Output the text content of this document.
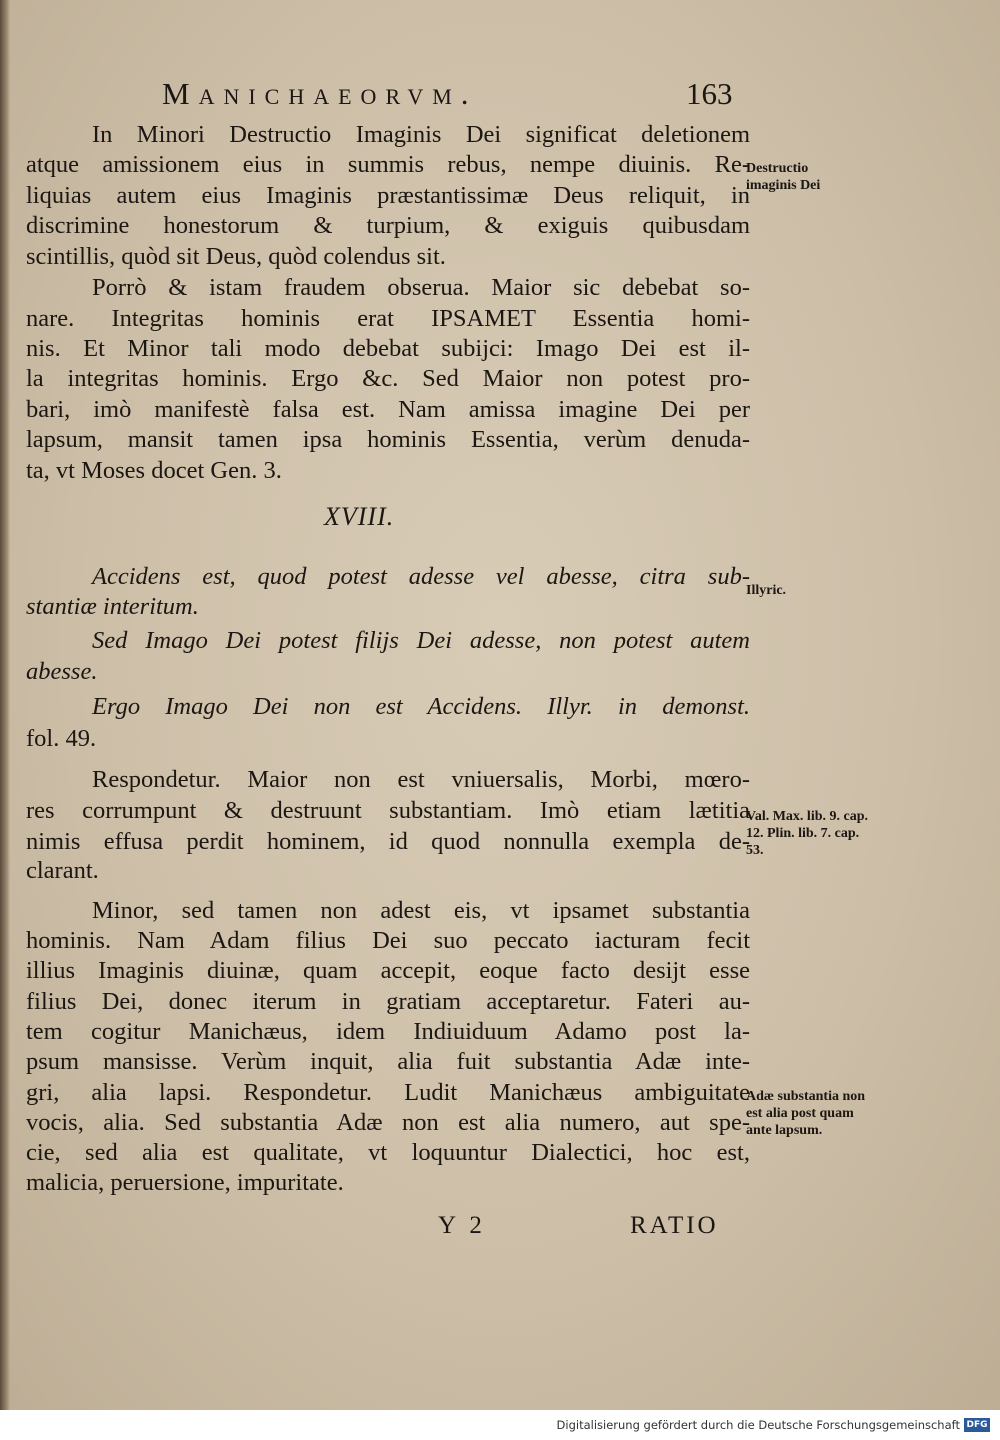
Manichaeorvm.	163
In Minori Destructio Imaginis Dei significat deletionem
atque amissionem eius in summis rebus, nempe diuinis. Re-
liquias autem eius Imaginis præstantissimæ Deus reliquit, in
discrimine honestorum & turpium, & exiguis quibusdam
scintillis, quòd sit Deus, quòd colendus sit.
Porrò & istam fraudem obserua. Maior sic debebat so-
nare. Integritas hominis erat IPSAMET Essentia homi-
nis. Et Minor tali modo debebat subijci: Imago Dei est il-
la integritas hominis. Ergo &c. Sed Maior non potest pro-
bari, imò manifestè falsa est. Nam amissa imagine Dei per
lapsum, mansit tamen ipsa hominis Essentia, verùm denuda-
ta, vt Moses docet Gen. 3.
XVIII.
Accidens est, quod potest adesse vel abesse, citra sub-
stantiæ interitum.
Sed Imago Dei potest filijs Dei adesse, non potest autem
abesse.
Ergo Imago Dei non est Accidens. Illyr. in demonst.
fol. 49.
Respondetur. Maior non est vniuersalis, Morbi, mœro-
res corrumpunt & destruunt substantiam. Imò etiam lætitia
nimis effusa perdit hominem, id quod nonnulla exempla de-
clarant.
Minor, sed tamen non adest eis, vt ipsamet substantia
hominis. Nam Adam filius Dei suo peccato iacturam fecit
illius Imaginis diuinæ, quam accepit, eoque facto desijt esse
filius Dei, donec iterum in gratiam acceptaretur. Fateri au-
tem cogitur Manichæus, idem Indiuiduum Adamo post la-
psum mansisse. Verùm inquit, alia fuit substantia Adæ inte-
gri, alia lapsi. Respondetur. Ludit Manichæus ambiguitate
vocis, alia. Sed substantia Adæ non est alia numero, aut spe-
cie, sed alia est qualitate, vt loquuntur Dialectici, hoc est,
malicia, peruersione, impuritate.
Destructio imaginis Dei
Illyric.
Val. Max. lib. 9. cap. 12. Plin. lib. 7. cap. 53.
Adæ substantia non est alia post quam ante lapsum.
Y 2	RATIO
Digitalisierung gefördert durch die Deutsche Forschungsgemeinschaft DFG
